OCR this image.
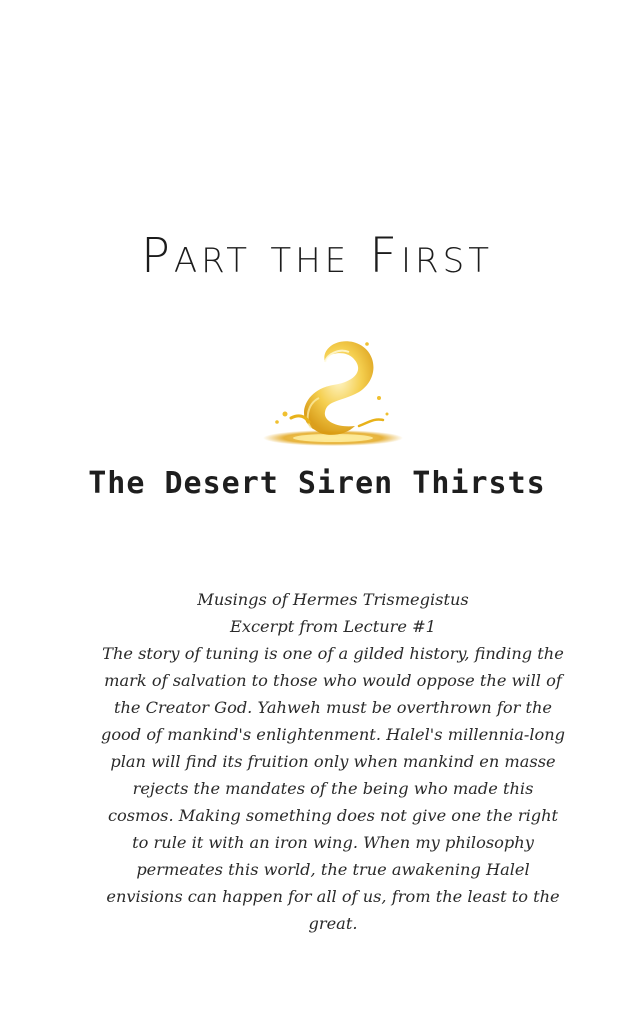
Part the First
The Desert Siren Thirsts
Musings of Hermes Trismegistus
Excerpt from Lecture #1
The story of tuning is one of a gilded history, finding the mark of salvation to those who would oppose the will of the Creator God. Yahweh must be overthrown for the good of mankind's enlightenment. Halel's millennia-long plan will find its fruition only when mankind en masse rejects the mandates of the being who made this cosmos. Making something does not give one the right to rule it with an iron wing. When my philosophy permeates this world, the true awakening Halel envisions can happen for all of us, from the least to the great.
